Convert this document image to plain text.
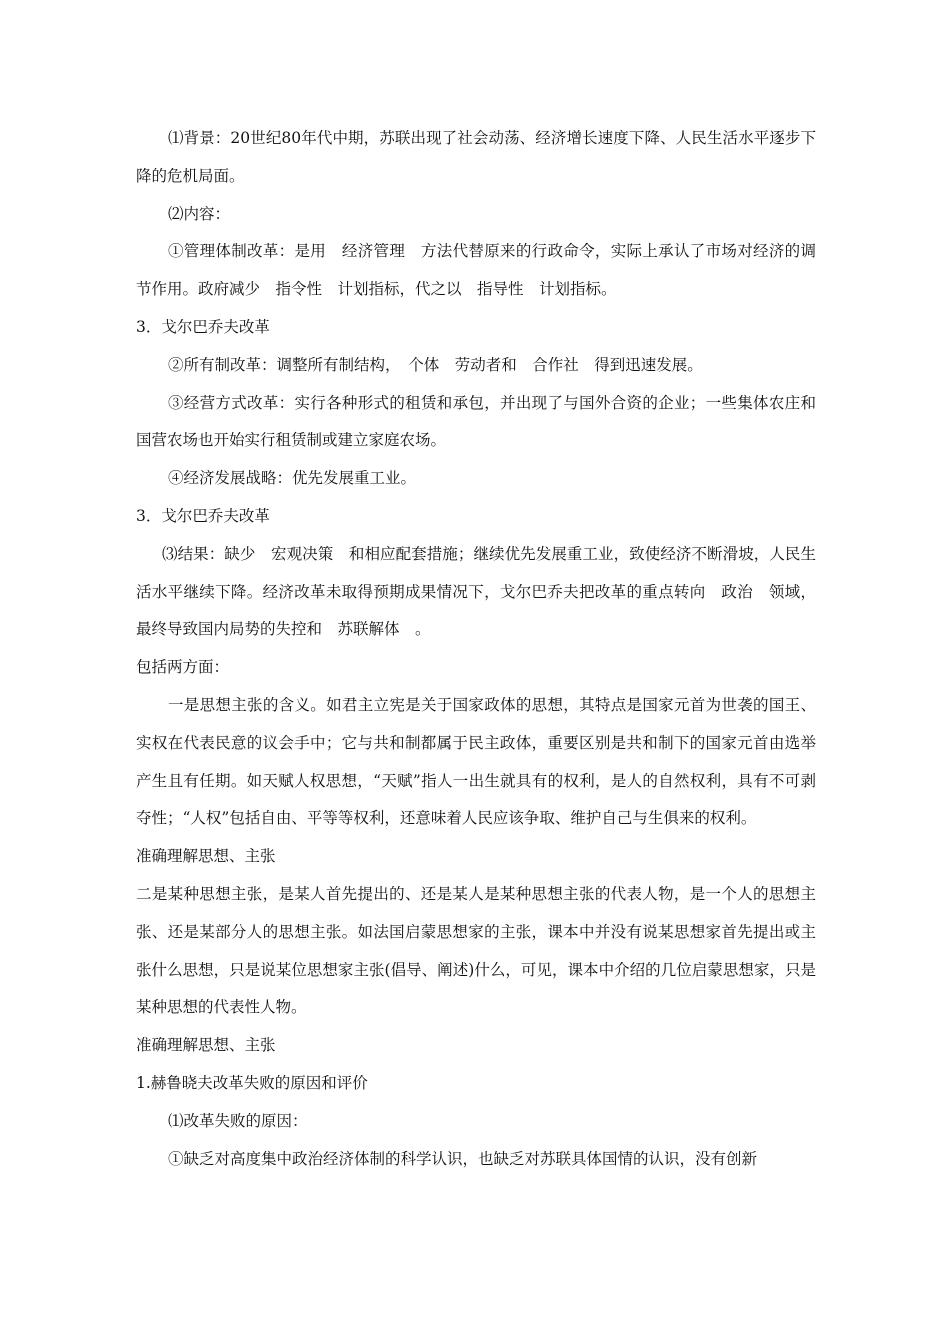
⑴背景：20世纪80年代中期，苏联出现了社会动荡、经济增长速度下降、人民生活水平逐步下降的危机局面。

⑵内容：

①管理体制改革：是用　经济管理　方法代替原来的行政命令，实际上承认了市场对经济的调节作用。政府减少　指令性　计划指标，代之以　指导性　计划指标。

3．戈尔巴乔夫改革

②所有制改革：调整所有制结构，　个体　劳动者和　合作社　得到迅速发展。

③经营方式改革：实行各种形式的租赁和承包，并出现了与国外合资的企业；一些集体农庄和国营农场也开始实行租赁制或建立家庭农场。

④经济发展战略：优先发展重工业。

3．戈尔巴乔夫改革

⑶结果：缺少　宏观决策　和相应配套措施；继续优先发展重工业，致使经济不断滑坡，人民生活水平继续下降。经济改革未取得预期成果情况下，戈尔巴乔夫把改革的重点转向　政治　领域，最终导致国内局势的失控和　苏联解体　。

包括两方面：

一是思想主张的含义。如君主立宪是关于国家政体的思想，其特点是国家元首为世袭的国王、实权在代表民意的议会手中；它与共和制都属于民主政体，重要区别是共和制下的国家元首由选举产生且有任期。如天赋人权思想，“天赋”指人一出生就具有的权利，是人的自然权利，具有不可剥夺性；“人权”包括自由、平等等权利，还意味着人民应该争取、维护自己与生俱来的权利。

准确理解思想、主张

二是某种思想主张，是某人首先提出的、还是某人是某种思想主张的代表人物，是一个人的思想主张、还是某部分人的思想主张。如法国启蒙思想家的主张，课本中并没有说某思想家首先提出或主张什么思想，只是说某位思想家主张(倡导、阐述)什么，可见，课本中介绍的几位启蒙思想家，只是某种思想的代表性人物。

准确理解思想、主张

1.赫鲁晓夫改革失败的原因和评价

⑴改革失败的原因：

①缺乏对高度集中政治经济体制的科学认识，也缺乏对苏联具体国情的认识，没有创新
